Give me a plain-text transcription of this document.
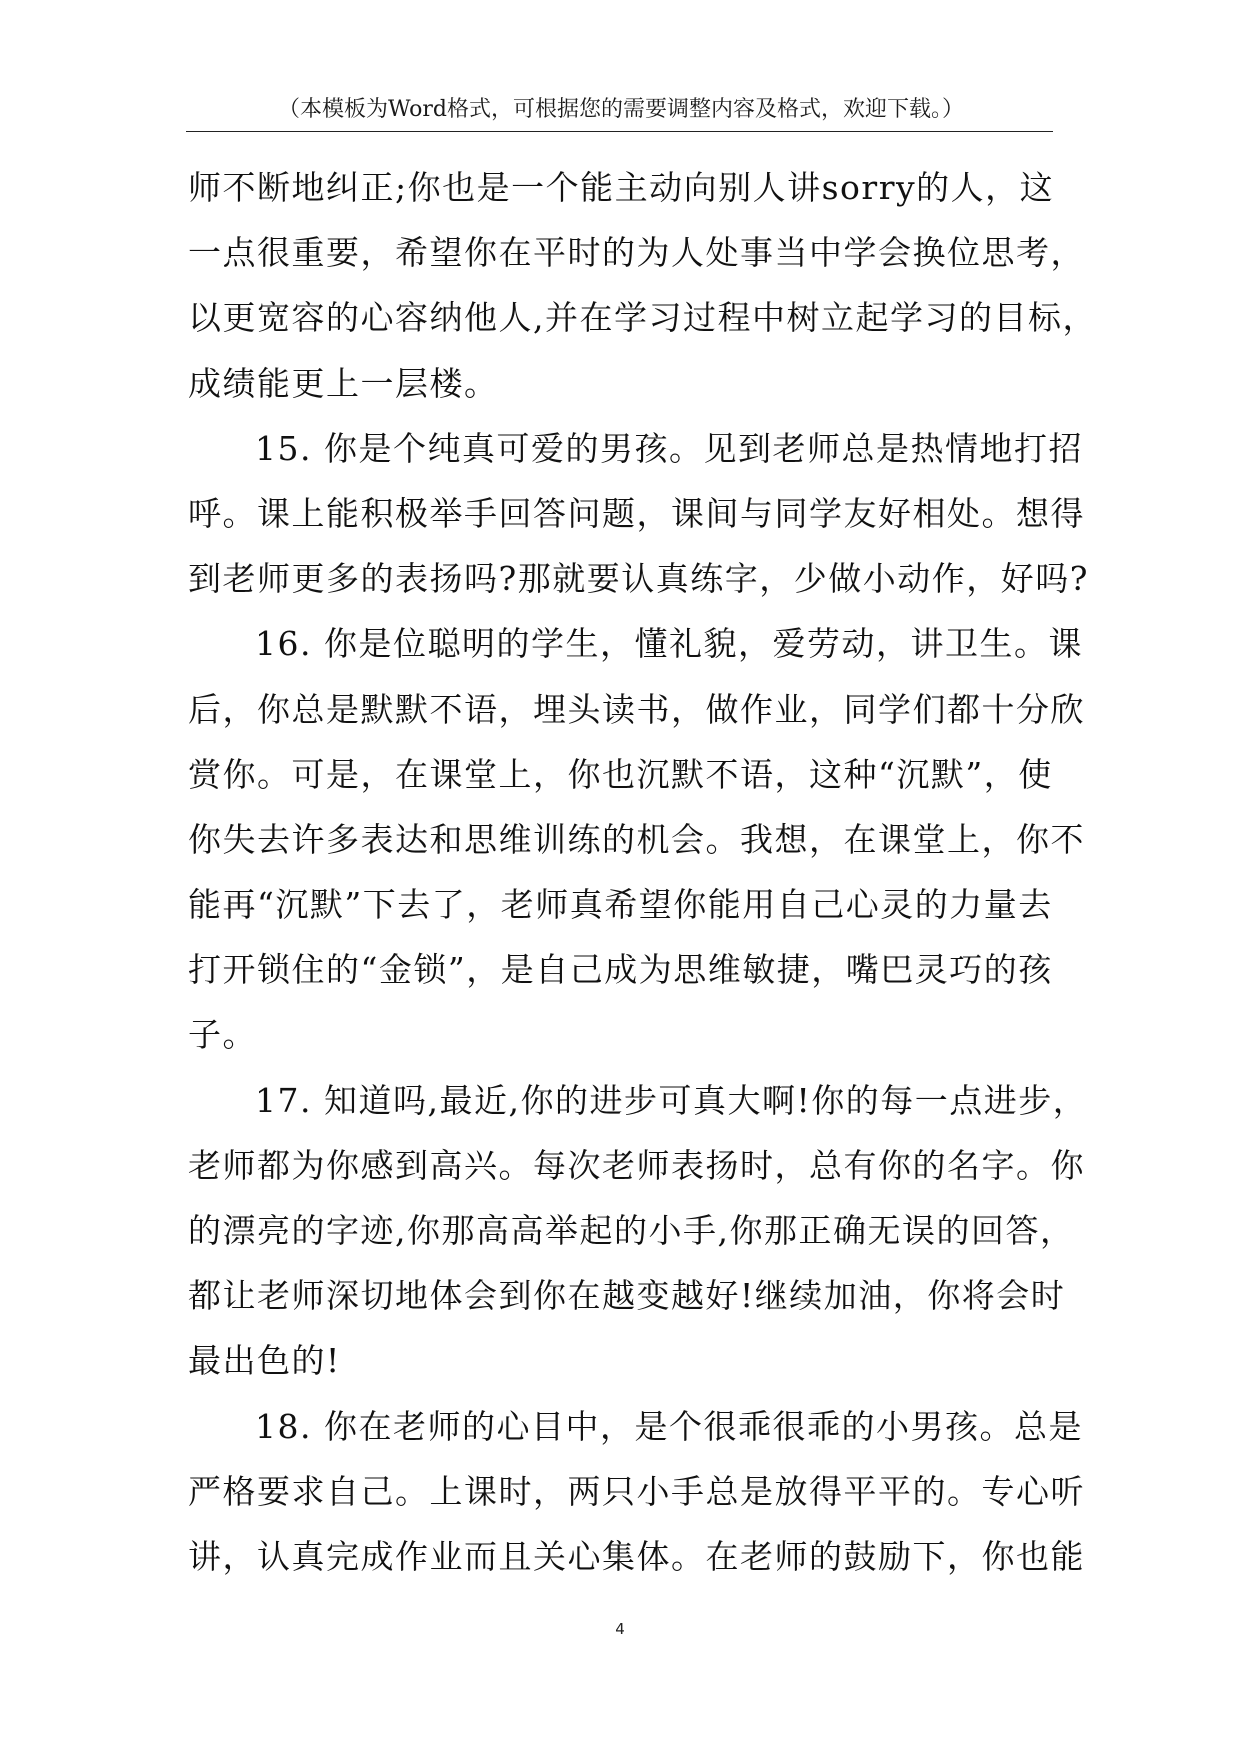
（本模板为Word格式，可根据您的需要调整内容及格式，欢迎下载。）
师不断地纠正;你也是一个能主动向别人讲sorry的人，这
一点很重要，希望你在平时的为人处事当中学会换位思考，
以更宽容的心容纳他人,并在学习过程中树立起学习的目标，
成绩能更上一层楼。
15. 你是个纯真可爱的男孩。见到老师总是热情地打招
呼。课上能积极举手回答问题，课间与同学友好相处。想得
到老师更多的表扬吗?那就要认真练字，少做小动作，好吗?
16. 你是位聪明的学生，懂礼貌，爱劳动，讲卫生。课
后，你总是默默不语，埋头读书，做作业，同学们都十分欣
赏你。可是，在课堂上，你也沉默不语，这种“沉默”，使
你失去许多表达和思维训练的机会。我想，在课堂上，你不
能再“沉默”下去了，老师真希望你能用自己心灵的力量去
打开锁住的“金锁”，是自己成为思维敏捷，嘴巴灵巧的孩
子。
17. 知道吗,最近,你的进步可真大啊!你的每一点进步，
老师都为你感到高兴。每次老师表扬时，总有你的名字。你
的漂亮的字迹,你那高高举起的小手,你那正确无误的回答，
都让老师深切地体会到你在越变越好!继续加油，你将会时
最出色的!
18. 你在老师的心目中，是个很乖很乖的小男孩。总是
严格要求自己。上课时，两只小手总是放得平平的。专心听
讲，认真完成作业而且关心集体。在老师的鼓励下，你也能
4
